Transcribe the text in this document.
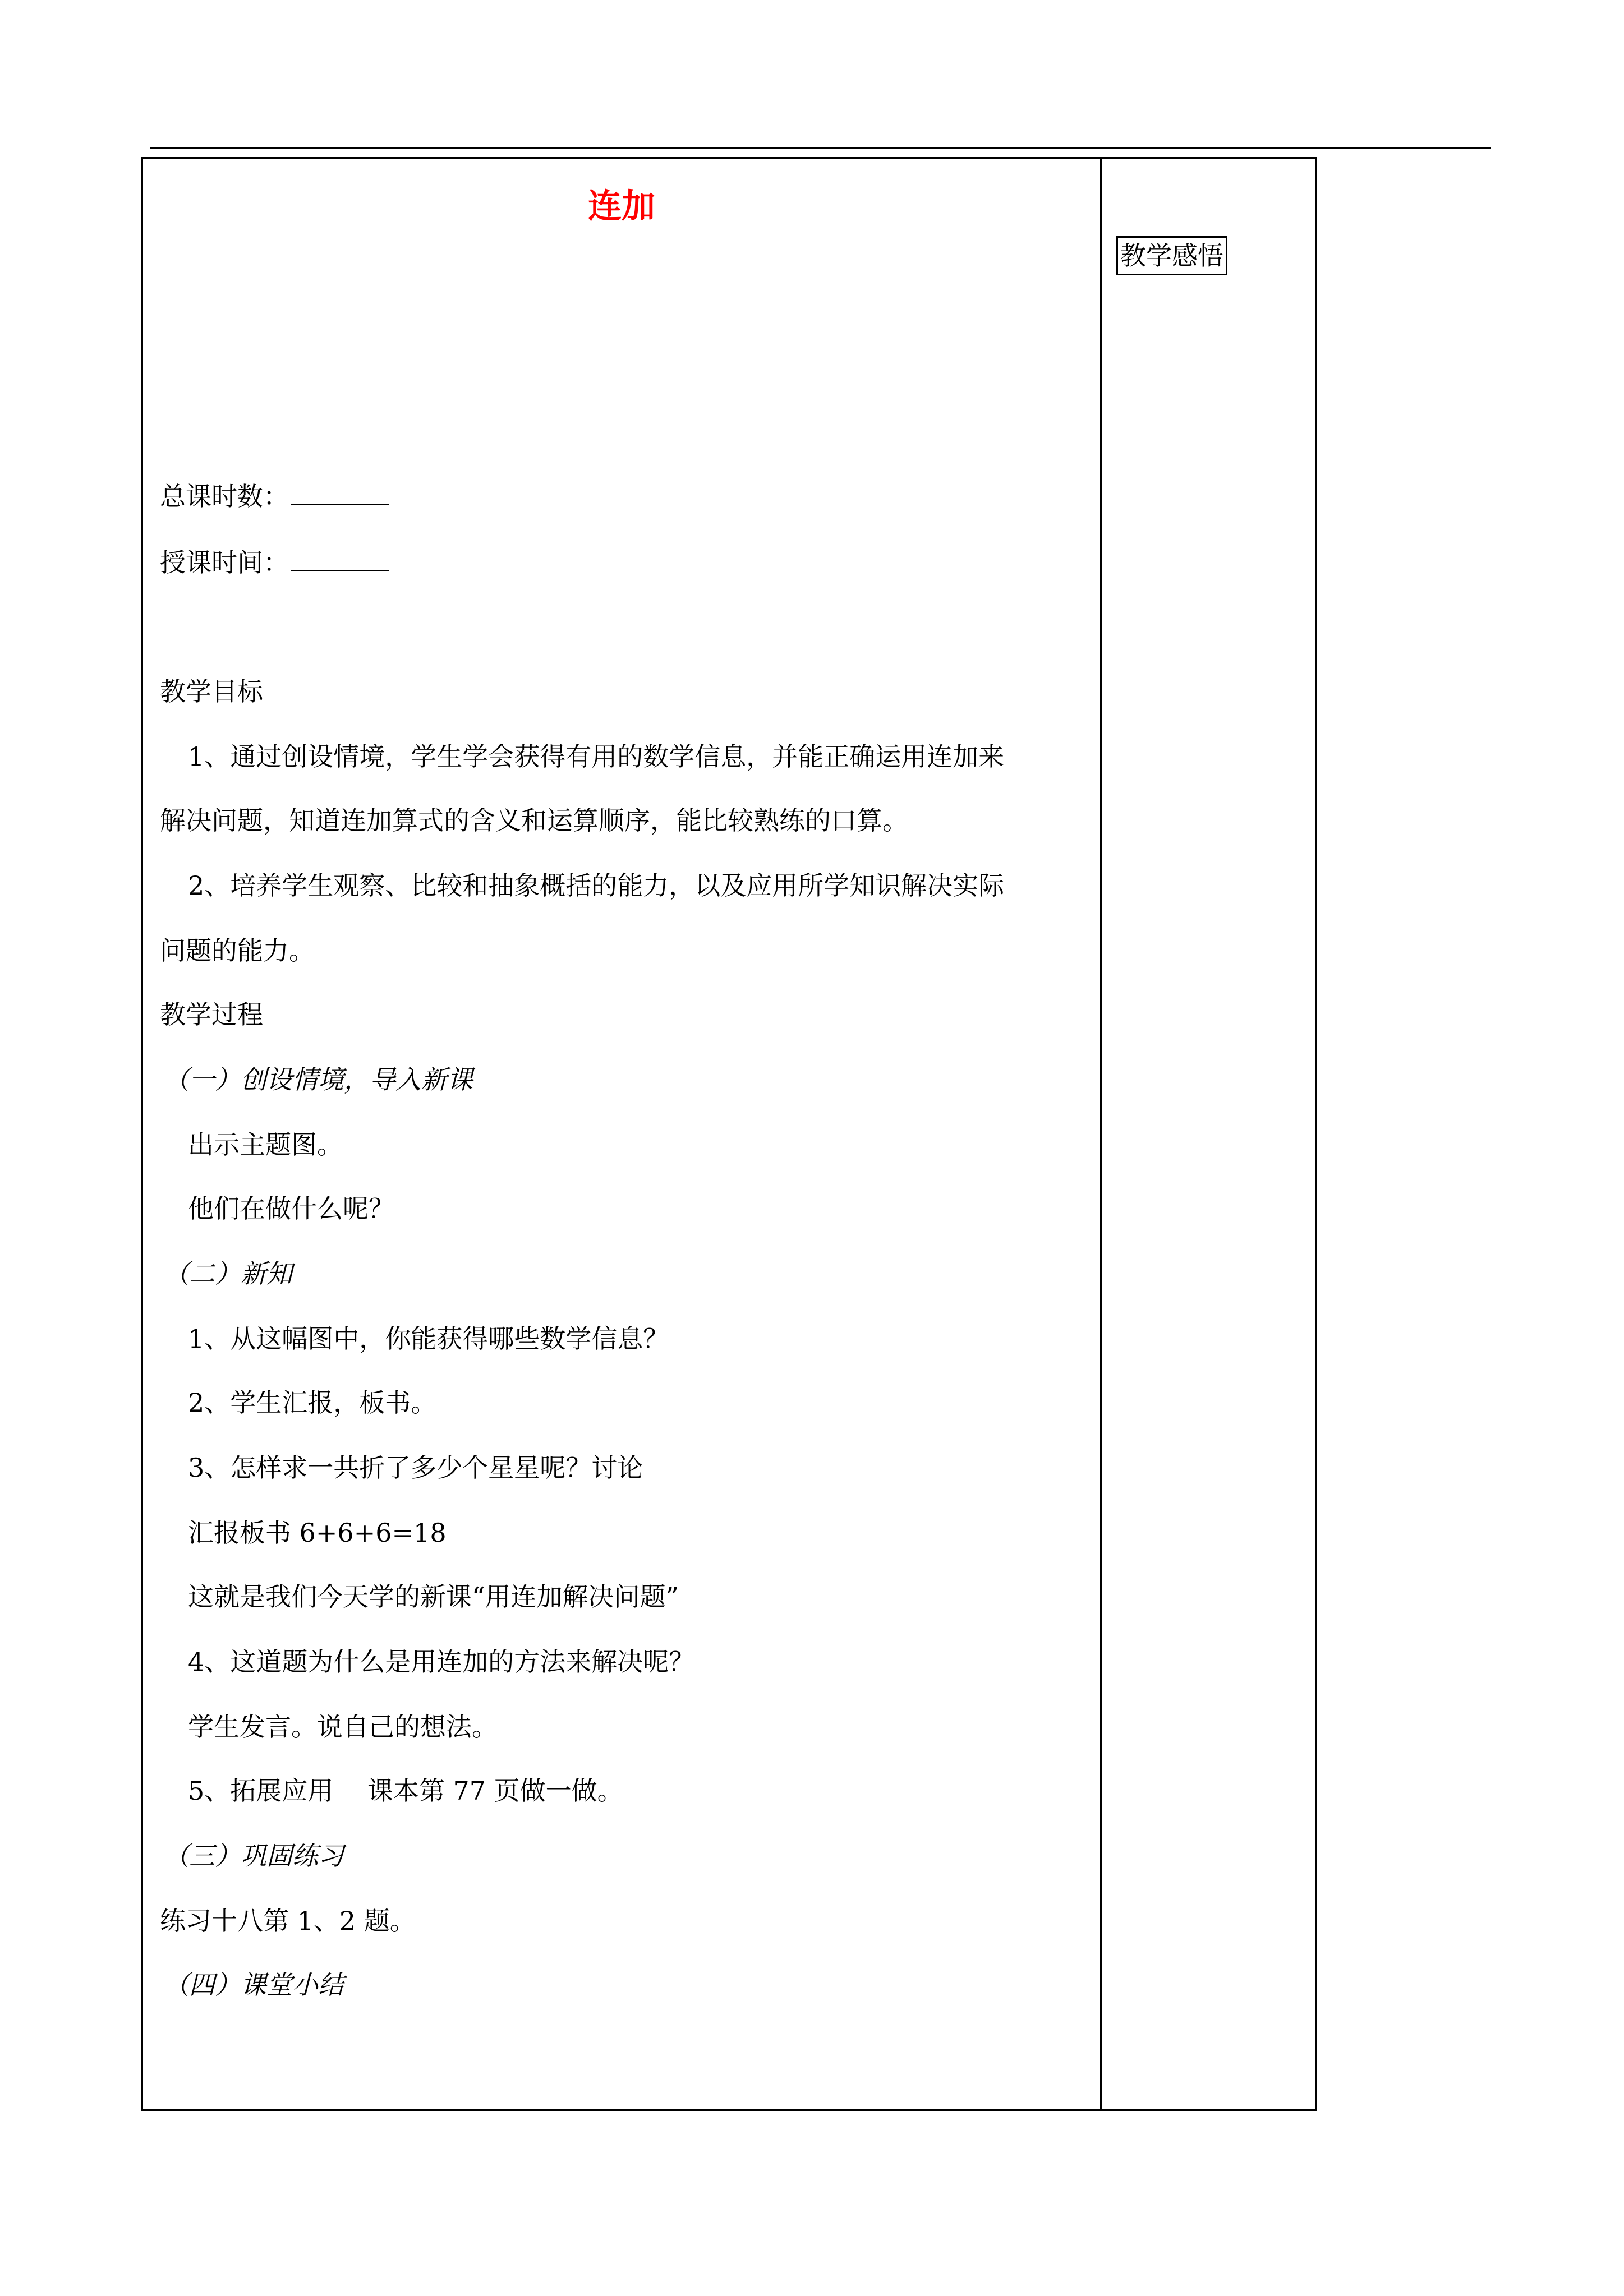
连加
总课时数：
授课时间：
教学目标
1、通过创设情境，学生学会获得有用的数学信息，并能正确运用连加来
解决问题，知道连加算式的含义和运算顺序，能比较熟练的口算。
2、培养学生观察、比较和抽象概括的能力，以及应用所学知识解决实际
问题的能力。
教学过程
（一）创设情境，导入新课
出示主题图。
他们在做什么呢？
（二）新知
1、从这幅图中，你能获得哪些数学信息？
2、学生汇报，板书。
3、怎样求一共折了多少个星星呢？讨论
汇报板书 6+6+6=18
这就是我们今天学的新课“用连加解决问题”
4、这道题为什么是用连加的方法来解决呢？
学生发言。说自己的想法。
5、拓展应用　 课本第 77 页做一做。
（三）巩固练习
练习十八第 1、2 题。
（四）课堂小结
教学感悟
